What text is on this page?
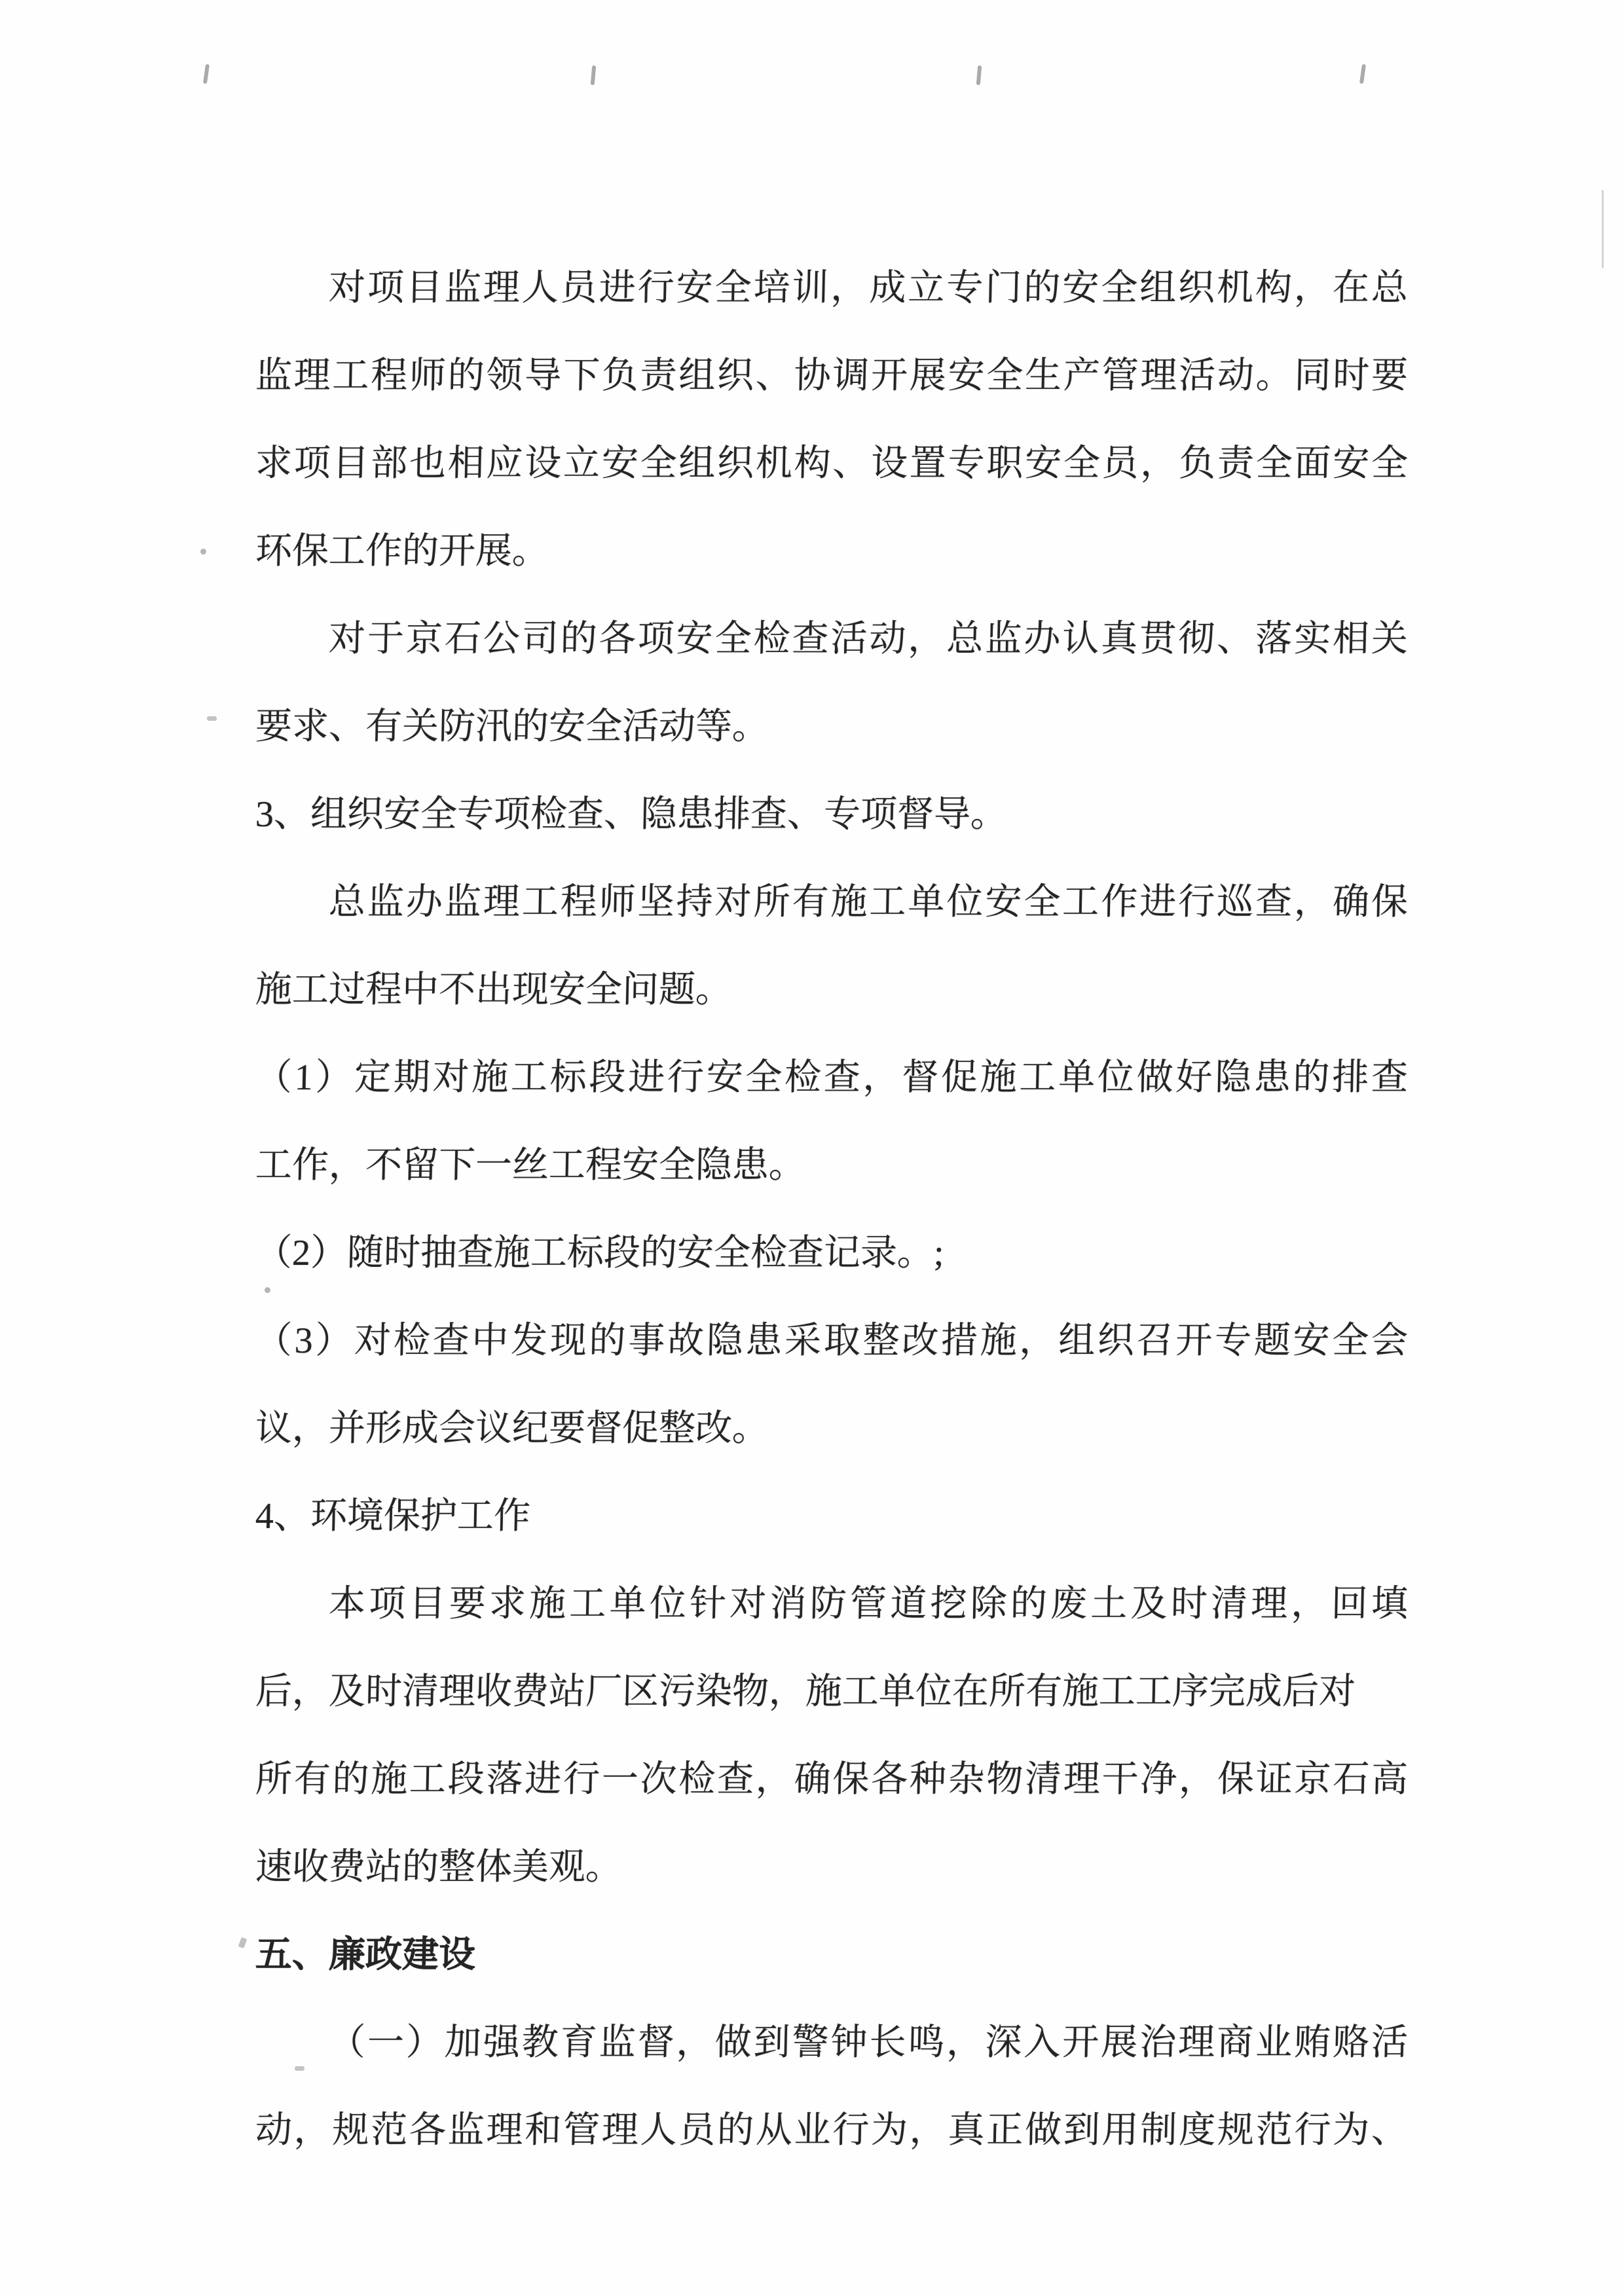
对项目监理人员进行安全培训，成立专门的安全组织机构，在总
监理工程师的领导下负责组织、协调开展安全生产管理活动。同时要
求项目部也相应设立安全组织机构、设置专职安全员，负责全面安全
环保工作的开展。
对于京石公司的各项安全检查活动，总监办认真贯彻、落实相关
要求、有关防汛的安全活动等。
3、组织安全专项检查、隐患排查、专项督导。
总监办监理工程师坚持对所有施工单位安全工作进行巡查，确保
施工过程中不出现安全问题。
（1）定期对施工标段进行安全检查，督促施工单位做好隐患的排查
工作，不留下一丝工程安全隐患。
（2）随时抽查施工标段的安全检查记录。;
（3）对检查中发现的事故隐患采取整改措施，组织召开专题安全会
议，并形成会议纪要督促整改。
4、环境保护工作
本项目要求施工单位针对消防管道挖除的废土及时清理，回填
后，及时清理收费站厂区污染物，施工单位在所有施工工序完成后对
所有的施工段落进行一次检查，确保各种杂物清理干净，保证京石高
速收费站的整体美观。
五、廉政建设
（一）加强教育监督，做到警钟长鸣，深入开展治理商业贿赂活
动，规范各监理和管理人员的从业行为，真正做到用制度规范行为、
